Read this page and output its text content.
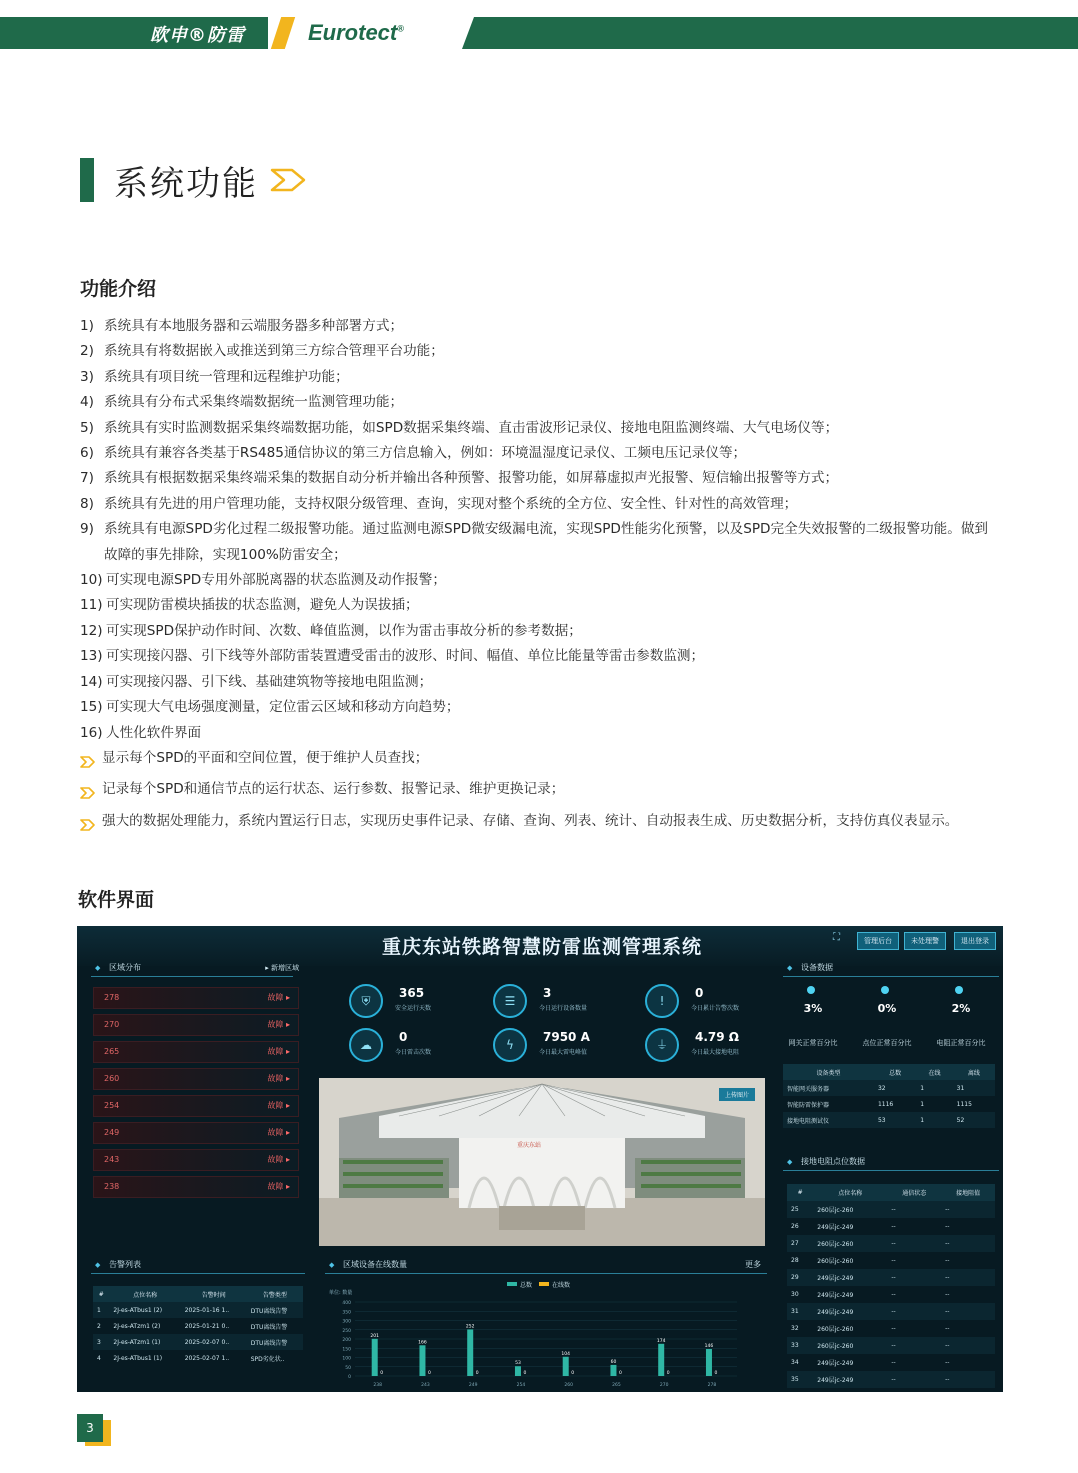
欧申®防雷	Eurotect®
系统功能
功能介绍
1) 系统具有本地服务器和云端服务器多种部署方式；
2) 系统具有将数据嵌入或推送到第三方综合管理平台功能；
3) 系统具有项目统一管理和远程维护功能；
4) 系统具有分布式采集终端数据统一监测管理功能；
5) 系统具有实时监测数据采集终端数据功能，如SPD数据采集终端、直击雷波形记录仪、接地电阻监测终端、大气电场仪等；
6) 系统具有兼容各类基于RS485通信协议的第三方信息输入，例如：环境温湿度记录仪、工频电压记录仪等；
7) 系统具有根据数据采集终端采集的数据自动分析并输出各种预警、报警功能，如屏幕虚拟声光报警、短信输出报警等方式；
8) 系统具有先进的用户管理功能，支持权限分级管理、查询，实现对整个系统的全方位、安全性、针对性的高效管理；
9) 系统具有电源SPD劣化过程二级报警功能。通过监测电源SPD微安级漏电流，实现SPD性能劣化预警，以及SPD完全失效报警的二级报警功能。做到故障的事先排除，实现100%防雷安全；
10) 可实现电源SPD专用外部脱离器的状态监测及动作报警；
11) 可实现防雷模块插拔的状态监测，避免人为误拔插；
12) 可实现SPD保护动作时间、次数、峰值监测，以作为雷击事故分析的参考数据；
13) 可实现接闪器、引下线等外部防雷装置遭受雷击的波形、时间、幅值、单位比能量等雷击参数监测；
14) 可实现接闪器、引下线、基础建筑物等接地电阻监测；
15) 可实现大气电场强度测量，定位雷云区域和移动方向趋势；
16) 人性化软件界面
显示每个SPD的平面和空间位置，便于维护人员查找；
记录每个SPD和通信节点的运行状态、运行参数、报警记录、维护更换记录；
强大的数据处理能力，系统内置运行日志，实现历史事件记录、存储、查询、列表、统计、自动报表生成、历史数据分析，支持仿真仪表显示。
软件界面
重庆东站铁路智慧防雷监测管理系统	⛶	管理后台	未处理警	退出登录
◆ 区域分布	▸ 新增区域
278	故障 ▸
270	故障 ▸
265	故障 ▸
260	故障 ▸
254	故障 ▸
249	故障 ▸
243	故障 ▸
238	故障 ▸
⛨
365
安全运行天数
☰
3
今日运行设备数量
!
0
今日累计告警次数
☁
0
今日雷击次数
ϟ
7950 A
今日最大雷电峰值
⏚
4.79 Ω
今日最大接地电阻
上传图片
重庆东站
◆ 设备数据
3%
网关正常百分比
0%
点位正常百分比
2%
电阻正常百分比
设备类型	总数	在线	离线
智能网关服务器	32	1	31
智能防雷保护器	1116	1	1115
接地电阻测试仪	53	1	52
◆ 接地电阻点位数据
#	点位名称	通信状态	接地阻值
25	260层jc-260	--	--
26	249层jc-249	--	--
27	260层jc-260	--	--
28	260层jc-260	--	--
29	249层jc-249	--	--
30	249层jc-249	--	--
31	249层jc-249	--	--
32	260层jc-260	--	--
33	260层jc-260	--	--
34	249层jc-249	--	--
35	249层jc-249	--	--
◆ 告警列表
#	点位名称	告警时间	告警类型
1	2J-es-ATbus1 (2)	2025-01-16 1..	DTU离线告警
2	2J-es-ATzm1 (2)	2025-01-21 0..	DTU离线告警
3	2J-es-ATzm1 (1)	2025-02-07 0..	DTU离线告警
4	2J-es-ATbus1 (1)	2025-02-07 1..	SPD劣化状..
◆ 区域设备在线数量	更多
总数	在线数
单位: 数量
0
50
100
150
200
250
300
350
400
201
0
238
166
0
243
252
0
249
53
0
254
104
0
260
60
0
265
174
0
270
146
0
278
3
